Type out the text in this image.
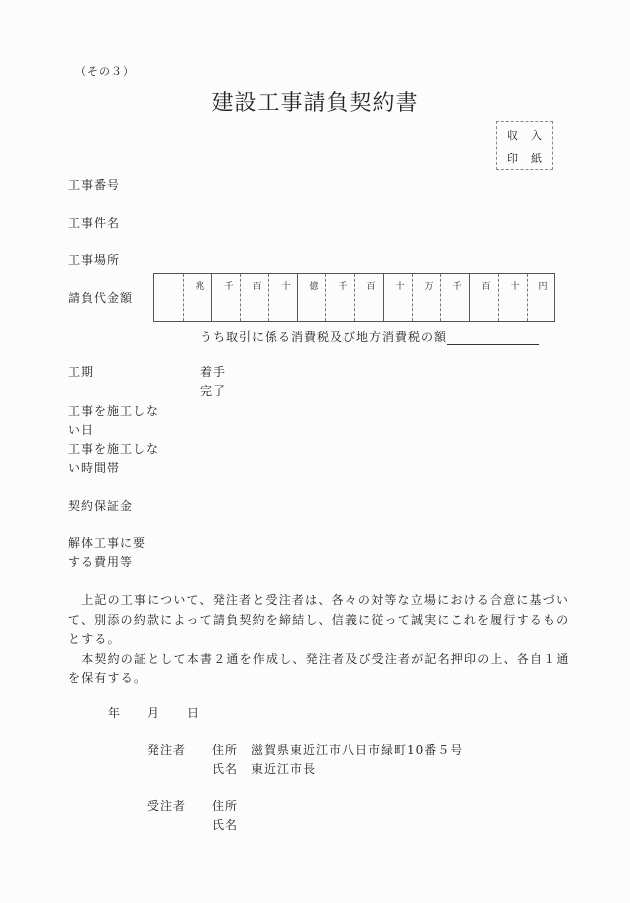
（その３）
建設工事請負契約書
収 入
印 紙
工事番号
工事件名
工事場所
請負代金額
兆	千	百	十	億	千	百	十	万	千	百	十	円
うち取引に係る消費税及び地方消費税の額
工期	着手
完了
工事を施工しな
い日
工事を施工しな
い時間帯
契約保証金
解体工事に要
する費用等
　上記の工事について、発注者と受注者は、各々の対等な立場における合意に基づい
て、別添の約款によって請負契約を締結し、信義に従って誠実にこれを履行するもの
とする。
　本契約の証として本書２通を作成し、発注者及び受注者が記名押印の上、各自１通
を保有する。
年 月 日
発注者 住所 滋賀県東近江市八日市緑町10番５号
氏名 東近江市長
受注者 住所
氏名
